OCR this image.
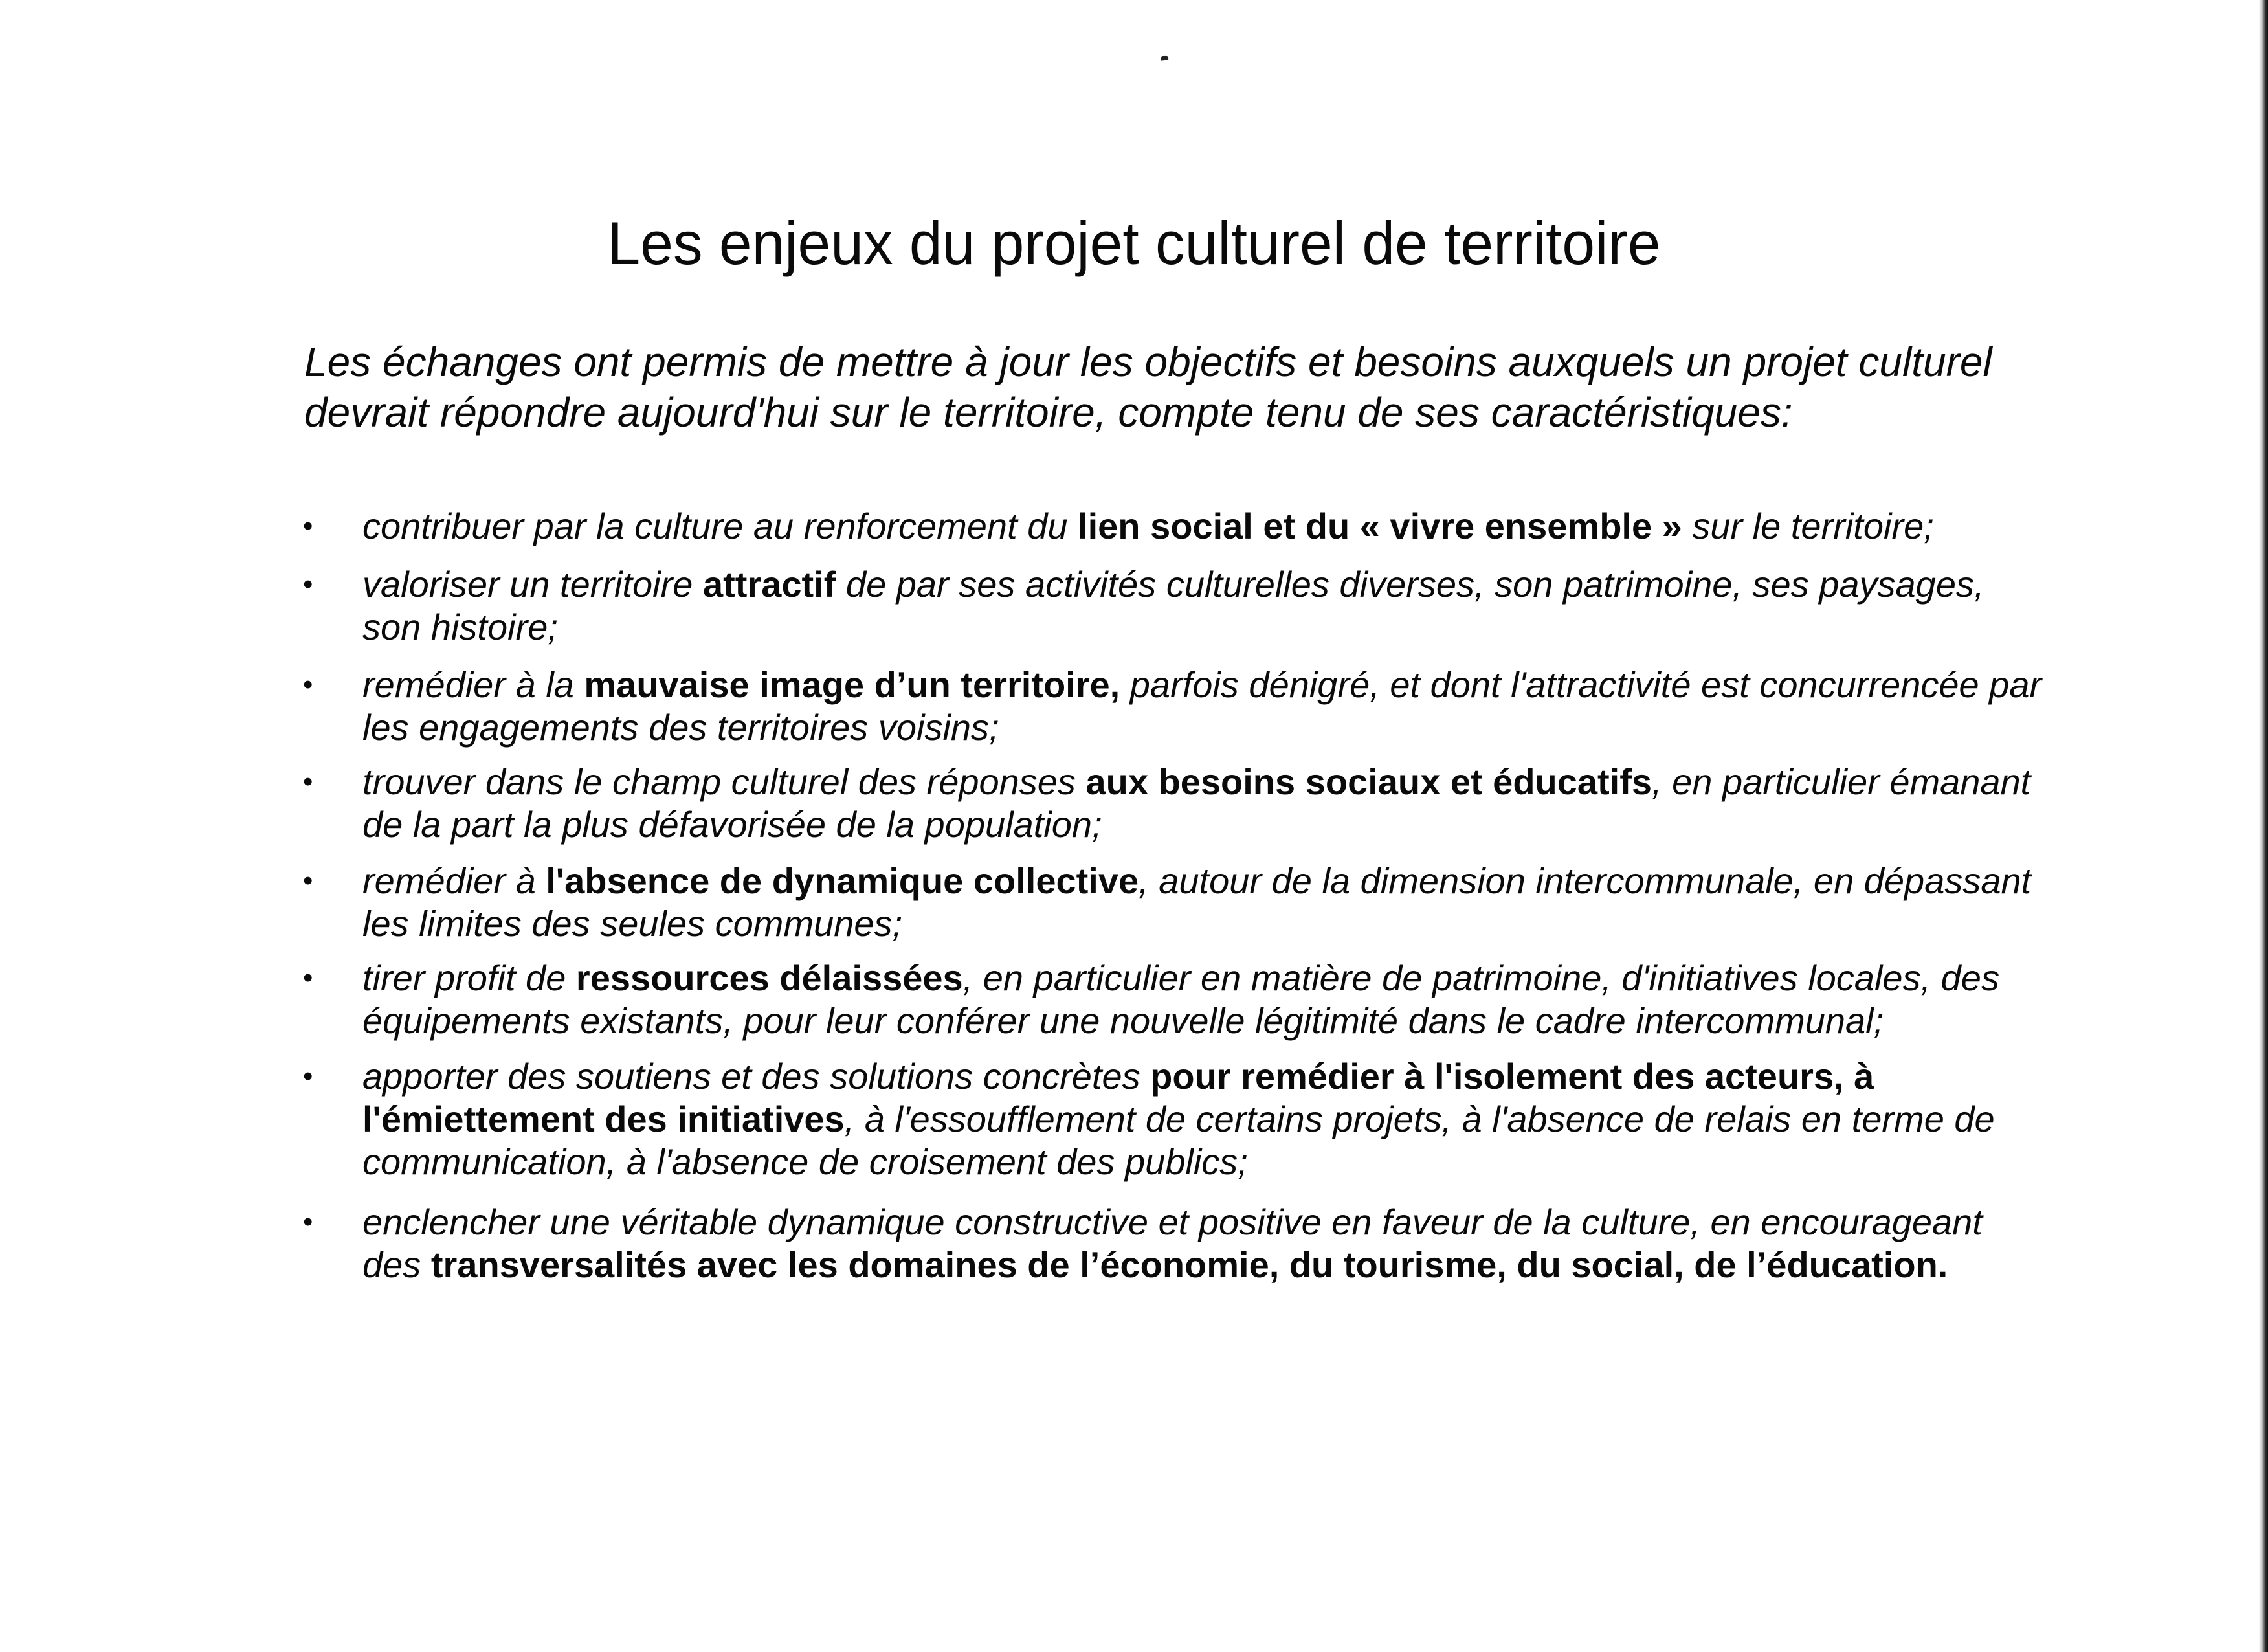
Les enjeux du projet culturel de territoire

Les échanges ont permis de mettre à jour les objectifs et besoins auxquels un projet culturel devrait répondre aujourd'hui sur le territoire, compte tenu de ses caractéristiques:

• contribuer par la culture au renforcement du lien social et du « vivre ensemble » sur le territoire;
• valoriser un territoire attractif de par ses activités culturelles diverses, son patrimoine, ses paysages, son histoire;
• remédier à la mauvaise image d’un territoire, parfois dénigré, et dont l'attractivité est concurrencée par les engagements des territoires voisins;
• trouver dans le champ culturel des réponses aux besoins sociaux et éducatifs, en particulier émanant de la part la plus défavorisée de la population;
• remédier à l'absence de dynamique collective, autour de la dimension intercommunale, en dépassant les limites des seules communes;
• tirer profit de ressources délaissées, en particulier en matière de patrimoine, d'initiatives locales, des équipements existants, pour leur conférer une nouvelle légitimité dans le cadre intercommunal;
• apporter des soutiens et des solutions concrètes pour remédier à l'isolement des acteurs, à l'émiettement des initiatives, à l'essoufflement de certains projets, à l'absence de relais en terme de communication, à l'absence de croisement des publics;
• enclencher une véritable dynamique constructive et positive en faveur de la culture, en encourageant des transversalités avec les domaines de l’économie, du tourisme, du social, de l’éducation.
